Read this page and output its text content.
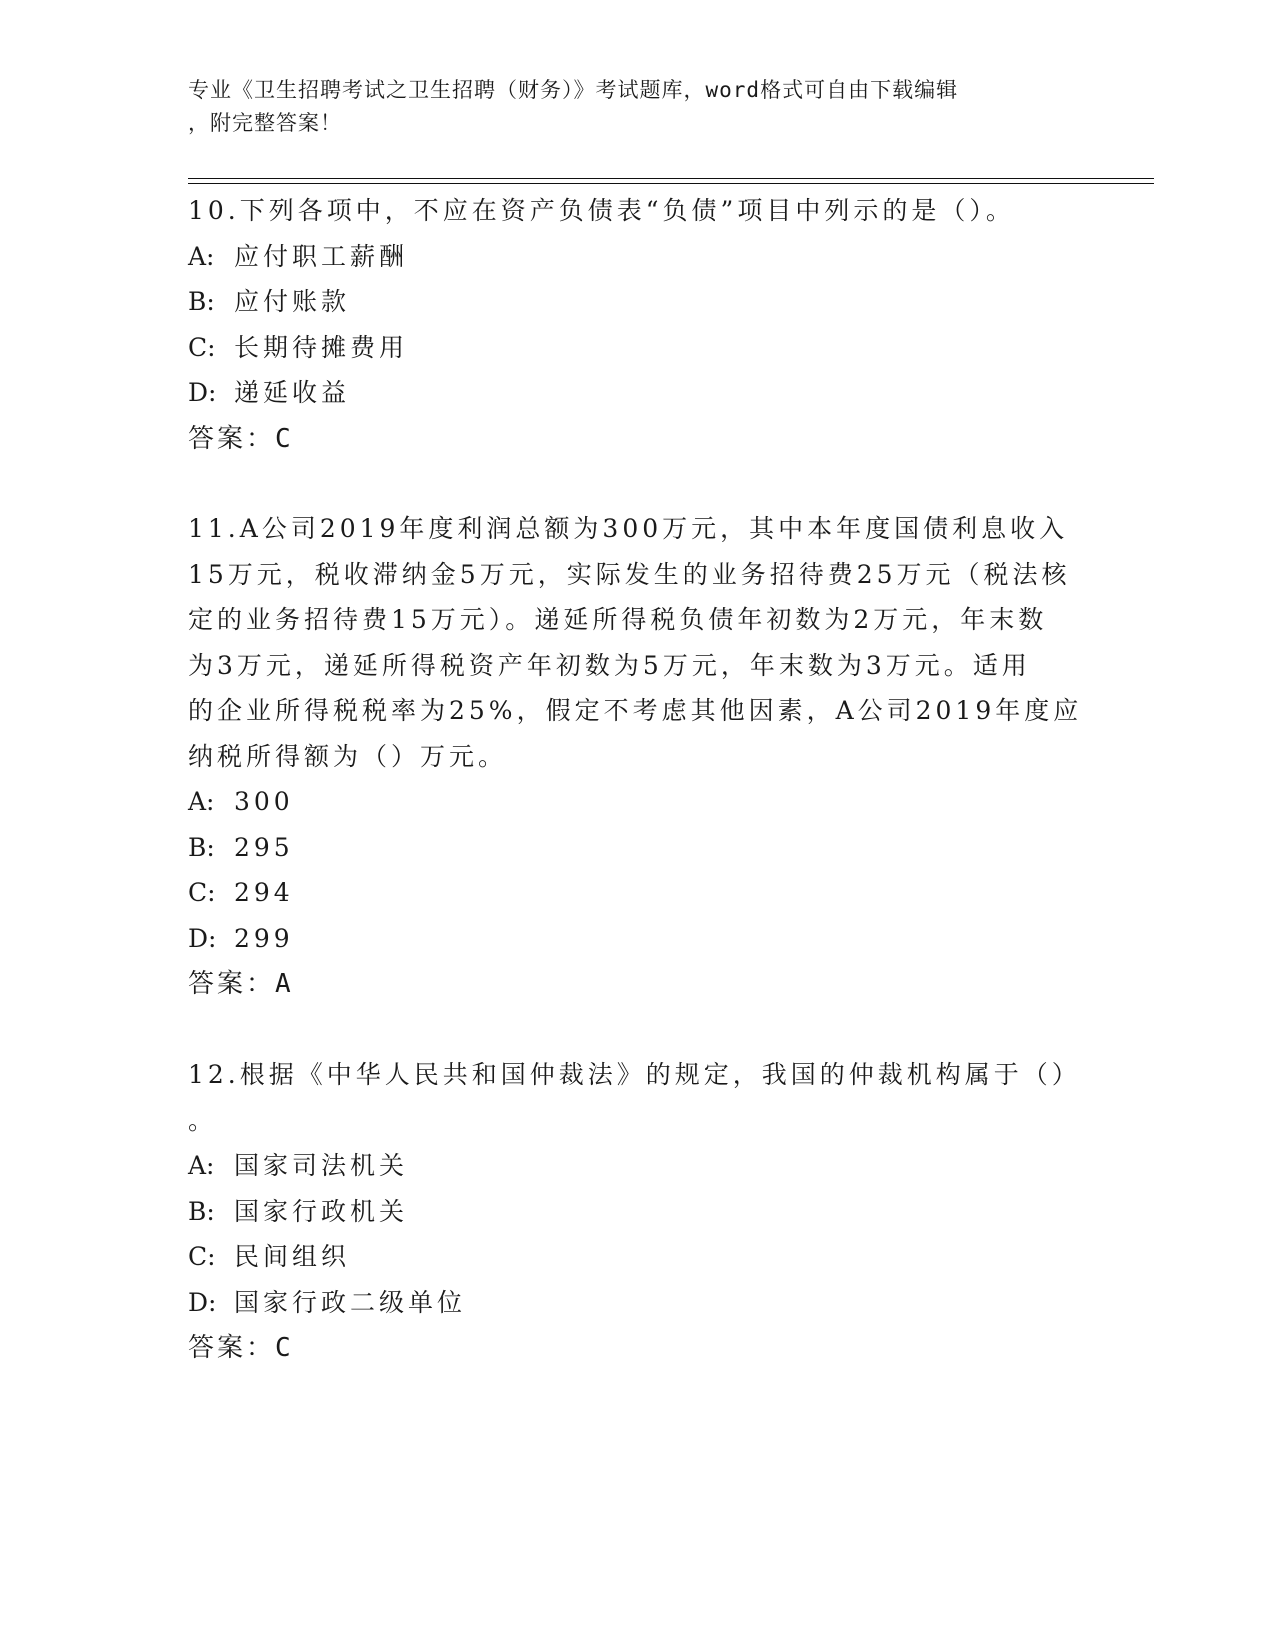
专业《卫生招聘考试之卫生招聘（财务）》考试题库，word格式可自由下载编辑
，附完整答案！

10.下列各项中，不应在资产负债表“负债”项目中列示的是（）。

A: 应付职工薪酬

B: 应付账款

C: 长期待摊费用

D: 递延收益

答案：C

11.A公司2019年度利润总额为300万元，其中本年度国债利息收入

15万元，税收滞纳金5万元，实际发生的业务招待费25万元（税法核

定的业务招待费15万元）。递延所得税负债年初数为2万元，年末数

为3万元，递延所得税资产年初数为5万元，年末数为3万元。适用

的企业所得税税率为25%，假定不考虑其他因素，A公司2019年度应

纳税所得额为（）万元。

A: 300

B: 295

C: 294

D: 299

答案：A

12.根据《中华人民共和国仲裁法》的规定，我国的仲裁机构属于（）

。

A: 国家司法机关

B: 国家行政机关

C: 民间组织

D: 国家行政二级单位

答案：C
